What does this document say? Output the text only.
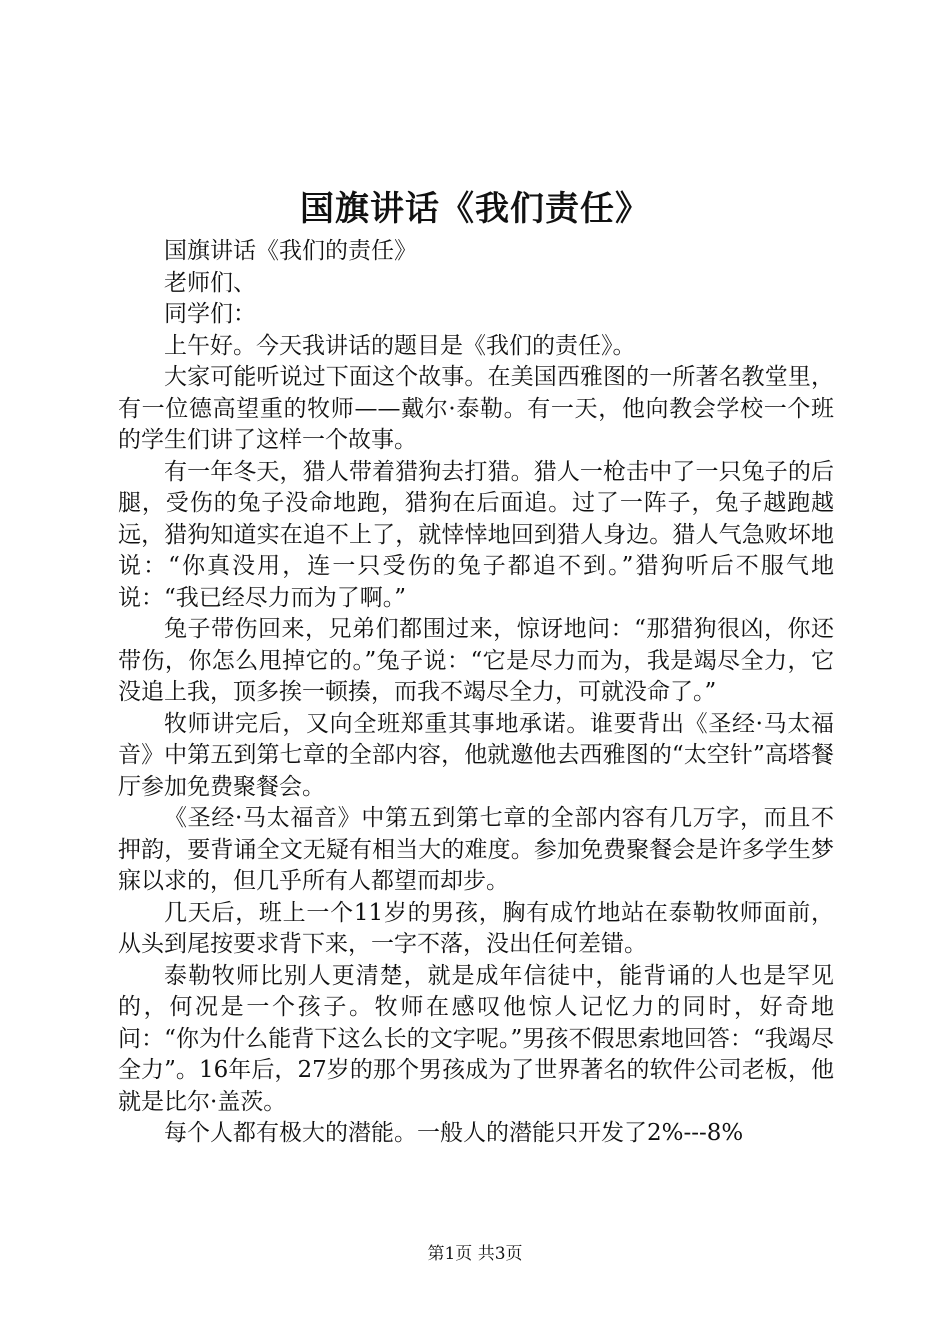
国旗讲话《我们责任》

国旗讲话《我们的责任》

老师们、

同学们：

上午好。今天我讲话的题目是《我们的责任》。

大家可能听说过下面这个故事。在美国西雅图的一所著名教堂里，有一位德高望重的牧师——戴尔·泰勒。有一天，他向教会学校一个班的学生们讲了这样一个故事。

有一年冬天，猎人带着猎狗去打猎。猎人一枪击中了一只兔子的后腿，受伤的兔子没命地跑，猎狗在后面追。过了一阵子，兔子越跑越远，猎狗知道实在追不上了，就悻悻地回到猎人身边。猎人气急败坏地说：“你真没用，连一只受伤的兔子都追不到。”猎狗听后不服气地说：“我已经尽力而为了啊。”

兔子带伤回来，兄弟们都围过来，惊讶地问：“那猎狗很凶，你还带伤，你怎么甩掉它的。”兔子说：“它是尽力而为，我是竭尽全力，它没追上我，顶多挨一顿揍，而我不竭尽全力，可就没命了。”

牧师讲完后，又向全班郑重其事地承诺。谁要背出《圣经·马太福音》中第五到第七章的全部内容，他就邀他去西雅图的“太空针”高塔餐厅参加免费聚餐会。

《圣经·马太福音》中第五到第七章的全部内容有几万字，而且不押韵，要背诵全文无疑有相当大的难度。参加免费聚餐会是许多学生梦寐以求的，但几乎所有人都望而却步。

几天后，班上一个11岁的男孩，胸有成竹地站在泰勒牧师面前，从头到尾按要求背下来，一字不落，没出任何差错。

泰勒牧师比别人更清楚，就是成年信徒中，能背诵的人也是罕见的，何况是一个孩子。牧师在感叹他惊人记忆力的同时，好奇地问：“你为什么能背下这么长的文字呢。”男孩不假思索地回答：“我竭尽全力”。16年后，27岁的那个男孩成为了世界著名的软件公司老板，他就是比尔·盖茨。

每个人都有极大的潜能。一般人的潜能只开发了2%---8%

第1页 共3页
